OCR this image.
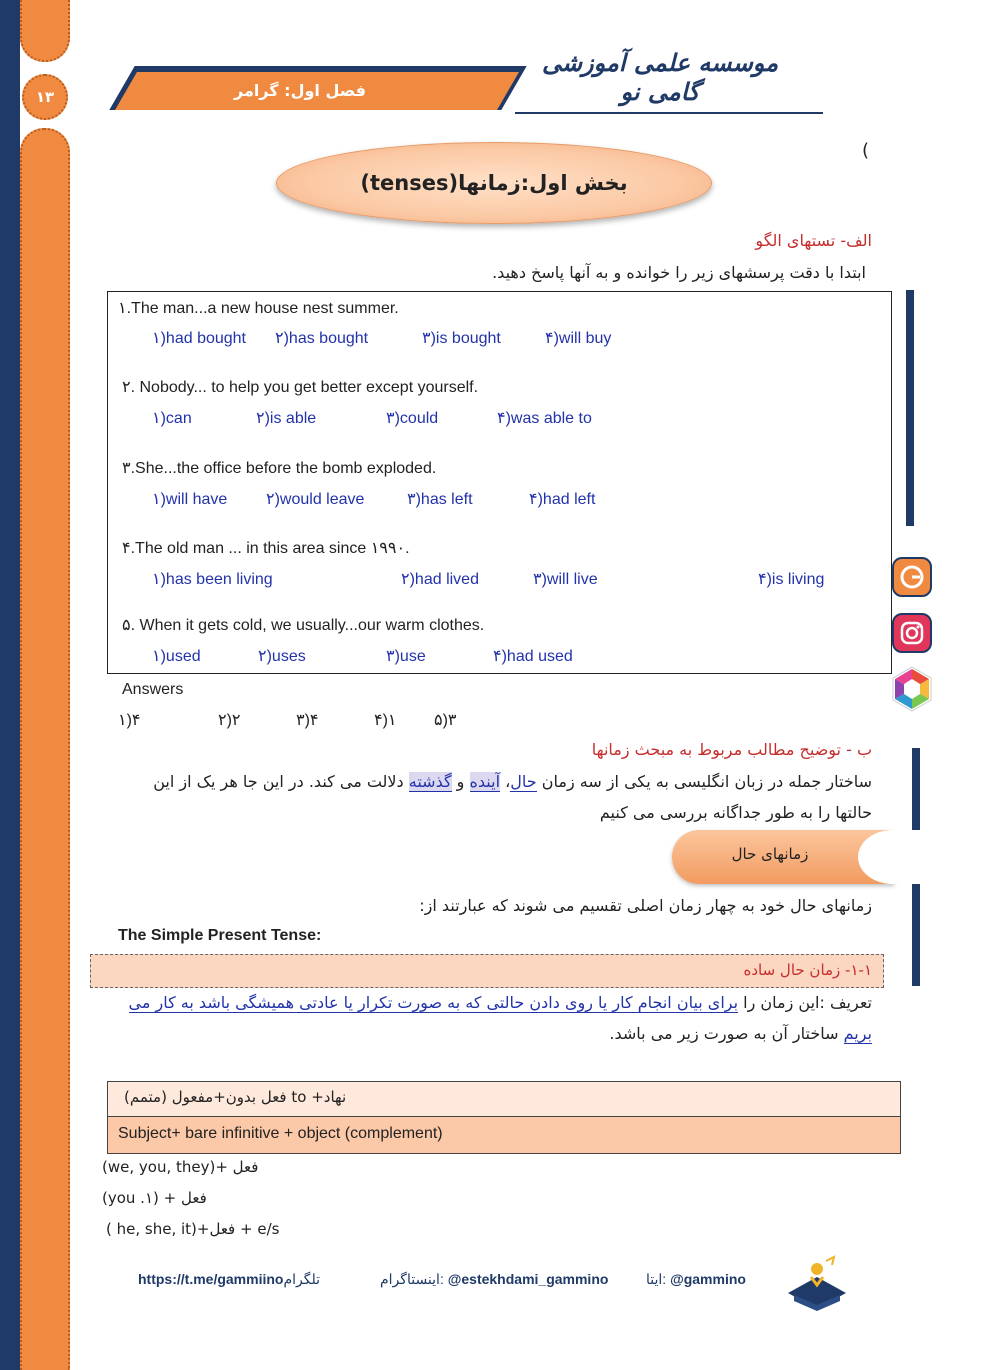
۱۳	فصل اول: گرامر
موسسه علمی آموزشی گامی نو
(
بخش اول:زمانها(tenses)
الف- تستهای الگو
ابتدا با دقت پرسشهای زیر را خوانده و به آنها پاسخ دهید.
۱.The man...a new house nest summer.
۱)had bought ۲)has bought	۳)is bought	۴)will buy
۲. Nobody... to help you get better except yourself.
۱)can	۲)is able	۳)could	۴)was able to
۳.She...the office before the bomb exploded.
۱)will have ۲)would leave	۳)has left	۴)had left
۴.The old man ... in this area since ۱۹۹۰.
۱)has been living	۲)had lived	۳)will live	۴)is living
۵. When it gets cold, we usually...our warm clothes.
۱)used	۲)uses	۳)use	۴)had used
Answers
۱)۴	۲)۲	۳)۴	۴)۱ ۵)۳
ب - توضیح مطالب مربوط به مبحث زمانها
ساختار جمله در زبان انگلیسی به یکی از سه زمان حال، آینده و گذشته دلالت می کند. در این جا هر یک از این
حالتها را به طور جداگانه بررسی می کنیم
زمانهای حال
زمانهای حال خود به چهار زمان اصلی تقسیم می شوند که عبارتند از:
The Simple Present Tense:
۱-۱- زمان حال ساده
تعریف :این زمان را برای بیان انجام کار یا روی دادن حالتی که به صورت تکرار یا عادتی همیشگی باشد به کار می
بریم ساختار آن به صورت زیر می باشد.
نهاد+ to فعل بدون+مفعول (متمم)
Subject+ bare infinitive + object (complement)
(we, you, they)+ فعل
(you .۱) + فعل
( he, she, it)+فعل + e/s
https://t.me/gammiinoتلگرام	اینستاگرام: @estekhdami_gammino	ایتا: @gammino
